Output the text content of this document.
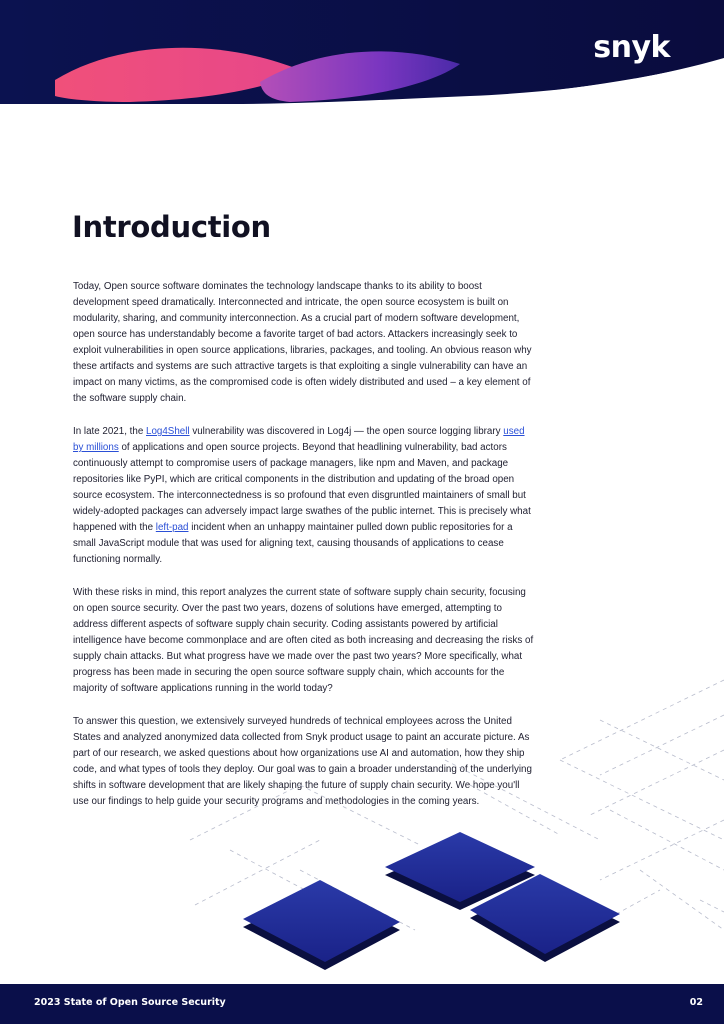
snyk
Introduction

Today, Open source software dominates the technology landscape thanks to its ability to boost development speed dramatically. Interconnected and intricate, the open source ecosystem is built on modularity, sharing, and community interconnection. As a crucial part of modern software development, open source has understandably become a favorite target of bad actors. Attackers increasingly seek to exploit vulnerabilities in open source applications, libraries, packages, and tooling. An obvious reason why these artifacts and systems are such attractive targets is that exploiting a single vulnerability can have an impact on many victims, as the compromised code is often widely distributed and used – a key element of the software supply chain.

In late 2021, the Log4Shell vulnerability was discovered in Log4j — the open source logging library used by millions of applications and open source projects. Beyond that headlining vulnerability, bad actors continuously attempt to compromise users of package managers, like npm and Maven, and package repositories like PyPI, which are critical components in the distribution and updating of the broad open source ecosystem. The interconnectedness is so profound that even disgruntled maintainers of small but widely-adopted packages can adversely impact large swathes of the public internet. This is precisely what happened with the left-pad incident when an unhappy maintainer pulled down public repositories for a small JavaScript module that was used for aligning text, causing thousands of applications to cease functioning normally.

With these risks in mind, this report analyzes the current state of software supply chain security, focusing on open source security. Over the past two years, dozens of solutions have emerged, attempting to address different aspects of software supply chain security. Coding assistants powered by artificial intelligence have become commonplace and are often cited as both increasing and decreasing the risks of supply chain attacks. But what progress have we made over the past two years? More specifically, what progress has been made in securing the open source software supply chain, which accounts for the majority of software applications running in the world today?

To answer this question, we extensively surveyed hundreds of technical employees across the United States and analyzed anonymized data collected from Snyk product usage to paint an accurate picture. As part of our research, we asked questions about how organizations use AI and automation, how they ship code, and what types of tools they deploy. Our goal was to gain a broader understanding of the underlying shifts in software development that are likely shaping the future of supply chain security. We hope you'll use our findings to help guide your security programs and methodologies in the coming years.

2023 State of Open Source Security	02
